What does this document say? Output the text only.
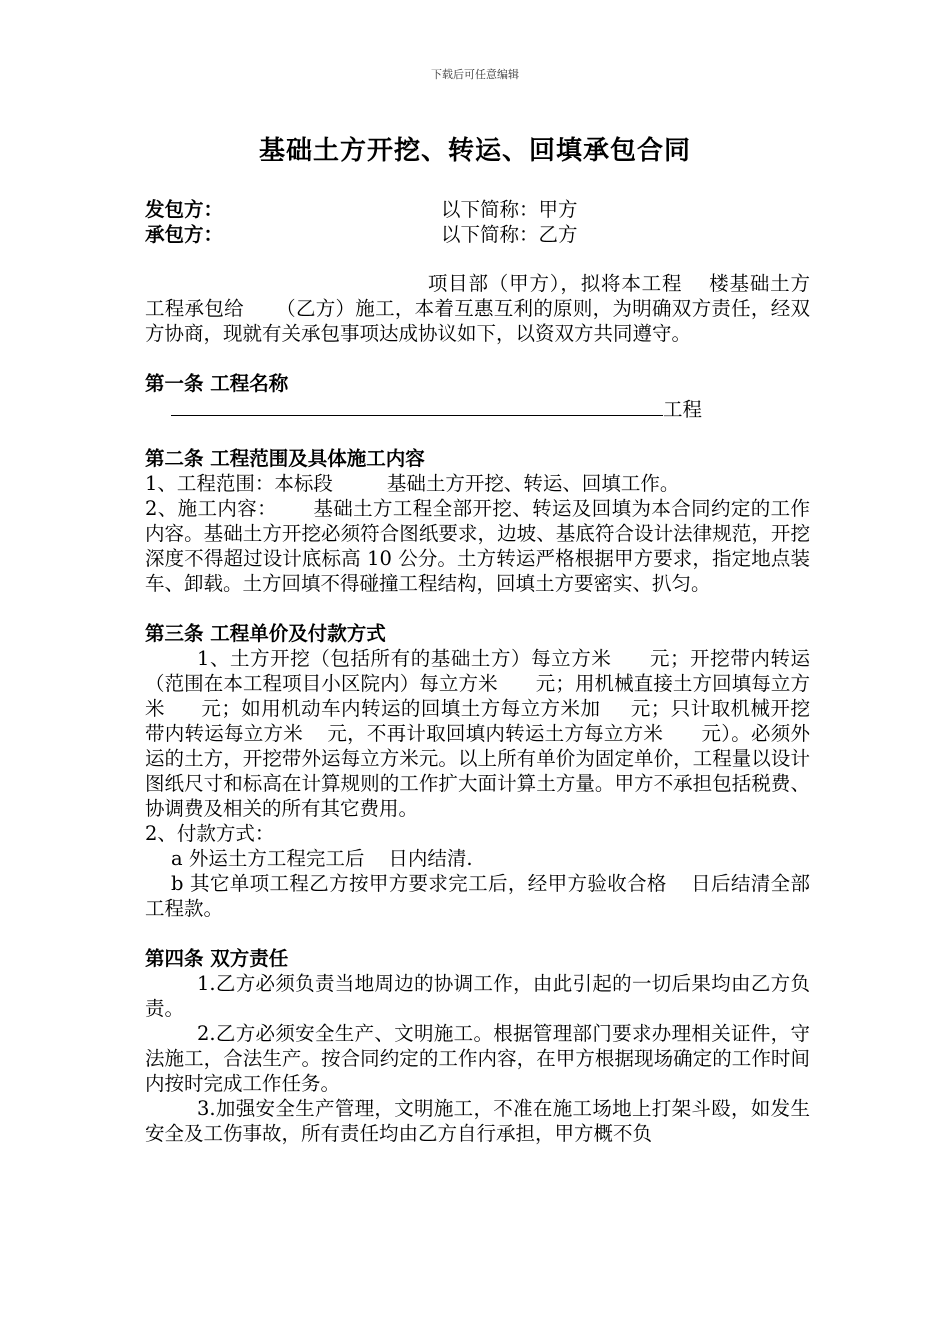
下载后可任意编辑
基础土方开挖、转运、回填承包合同
发包方：	以下简称：甲方
承包方：	以下简称：乙方
项目部（甲方），拟将本工程 楼基础土方工程承包给 （乙方）施工，本着互惠互利的原则，为明确双方责任，经双方协商，现就有关承包事项达成协议如下，以资双方共同遵守。
第一条 工程名称
工程
第二条 工程范围及具体施工内容
1、工程范围：本标段	基础土方开挖、转运、回填工作。
2、施工内容： 基础土方工程全部开挖、转运及回填为本合同约定的工作内容。基础土方开挖必须符合图纸要求，边坡、基底符合设计法律规范，开挖深度不得超过设计底标高 10 公分。土方转运严格根据甲方要求，指定地点装车、卸载。土方回填不得碰撞工程结构，回填土方要密实、扒匀。
第三条 工程单价及付款方式
1、土方开挖（包括所有的基础土方）每立方米 元；开挖带内转运（范围在本工程项目小区院内）每立方米 元；用机械直接土方回填每立方米 元；如用机动车内转运的回填土方每立方米加 元；只计取机械开挖带内转运每立方米 元，不再计取回填内转运土方每立方米 元）。必须外运的土方，开挖带外运每立方米元。以上所有单价为固定单价，工程量以设计图纸尺寸和标高在计算规则的工作扩大面计算土方量。甲方不承担包括税费、协调费及相关的所有其它费用。
2、付款方式：
a 外运土方工程完工后 日内结清.
b 其它单项工程乙方按甲方要求完工后，经甲方验收合格 日后结清全部工程款。
第四条 双方责任
1.乙方必须负责当地周边的协调工作，由此引起的一切后果均由乙方负责。
2.乙方必须安全生产、文明施工。根据管理部门要求办理相关证件，守法施工，合法生产。按合同约定的工作内容，在甲方根据现场确定的工作时间内按时完成工作任务。
3.加强安全生产管理，文明施工，不准在施工场地上打架斗殴，如发生安全及工伤事故，所有责任均由乙方自行承担，甲方概不负
